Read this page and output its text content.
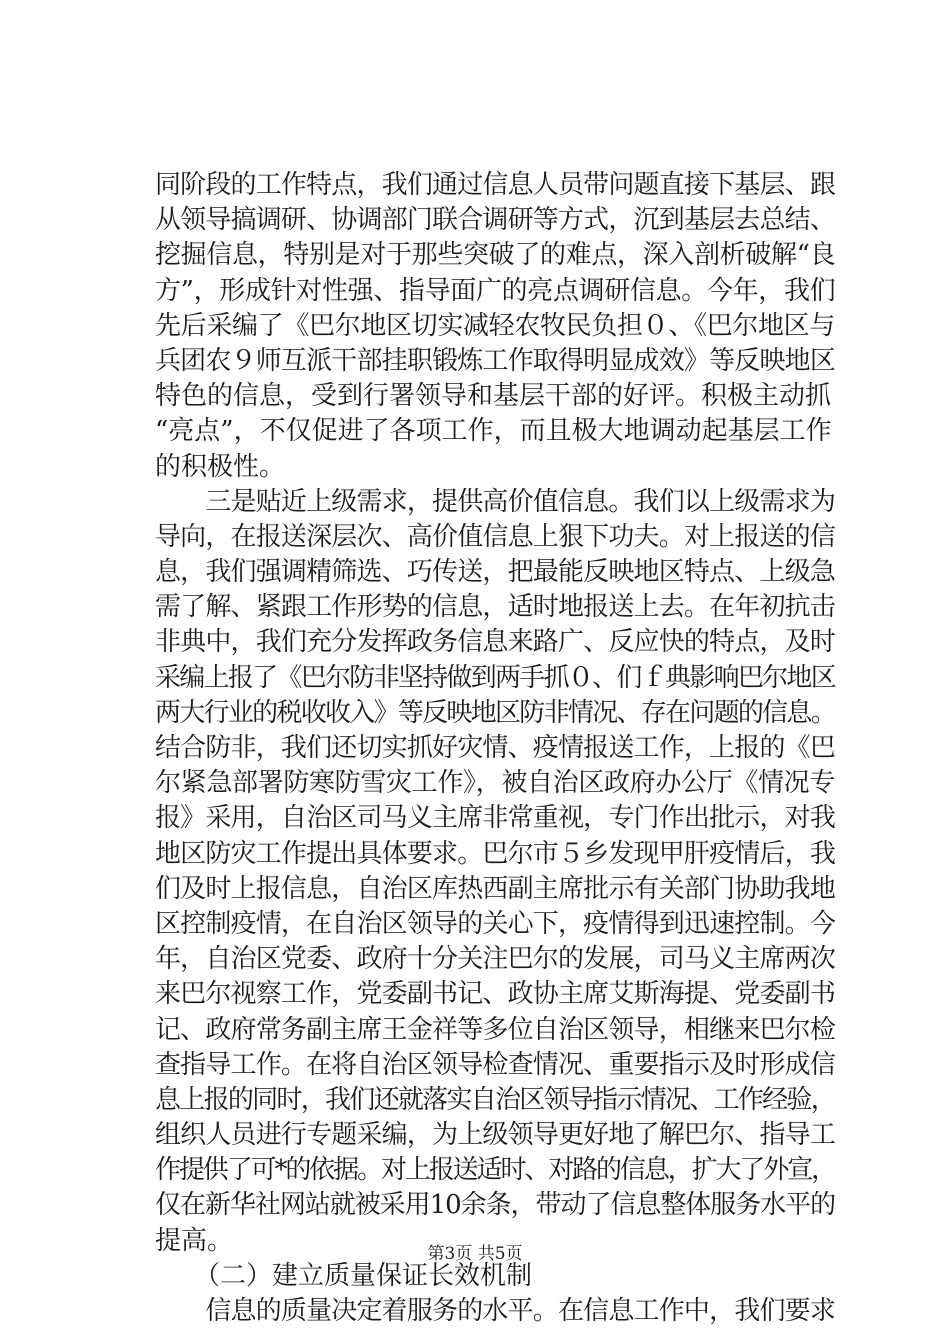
同阶段的工作特点，我们通过信息人员带问题直接下基层、跟
从领导搞调研、协调部门联合调研等方式，沉到基层去总结、
挖掘信息，特别是对于那些突破了的难点，深入剖析破解“良
方”，形成针对性强、指导面广的亮点调研信息。今年，我们
先后采编了《巴尔地区切实减轻农牧民负担０、《巴尔地区与
兵团农９师互派干部挂职锻炼工作取得明显成效》等反映地区
特色的信息，受到行署领导和基层干部的好评。积极主动抓
“亮点”，不仅促进了各项工作，而且极大地调动起基层工作
的积极性。
　　三是贴近上级需求，提供高价值信息。我们以上级需求为
导向，在报送深层次、高价值信息上狠下功夫。对上报送的信
息，我们强调精筛选、巧传送，把最能反映地区特点、上级急
需了解、紧跟工作形势的信息，适时地报送上去。在年初抗击
非典中，我们充分发挥政务信息来路广、反应快的特点，及时
采编上报了《巴尔防非坚持做到两手抓０、们ｆ典影响巴尔地区
两大行业的税收收入》等反映地区防非情况、存在问题的信息。
结合防非，我们还切实抓好灾情、疫情报送工作，上报的《巴
尔紧急部署防寒防雪灾工作》，被自治区政府办公厅《情况专
报》采用，自治区司马义主席非常重视，专门作出批示，对我
地区防灾工作提出具体要求。巴尔市５乡发现甲肝疫情后，我
们及时上报信息，自治区库热西副主席批示有关部门协助我地
区控制疫情，在自治区领导的关心下，疫情得到迅速控制。今
年，自治区党委、政府十分关注巴尔的发展，司马义主席两次
来巴尔视察工作，党委副书记、政协主席艾斯海提、党委副书
记、政府常务副主席王金祥等多位自治区领导，相继来巴尔检
查指导工作。在将自治区领导检查情况、重要指示及时形成信
息上报的同时，我们还就落实自治区领导指示情况、工作经验，
组织人员进行专题采编，为上级领导更好地了解巴尔、指导工
作提供了可*的依据。对上报送适时、对路的信息，扩大了外宣，
仅在新华社网站就被采用10余条，带动了信息整体服务水平的
提高。
　　（二）建立质量保证长效机制
　　信息的质量决定着服务的水平。在信息工作中，我们要求
第3页 共5页
